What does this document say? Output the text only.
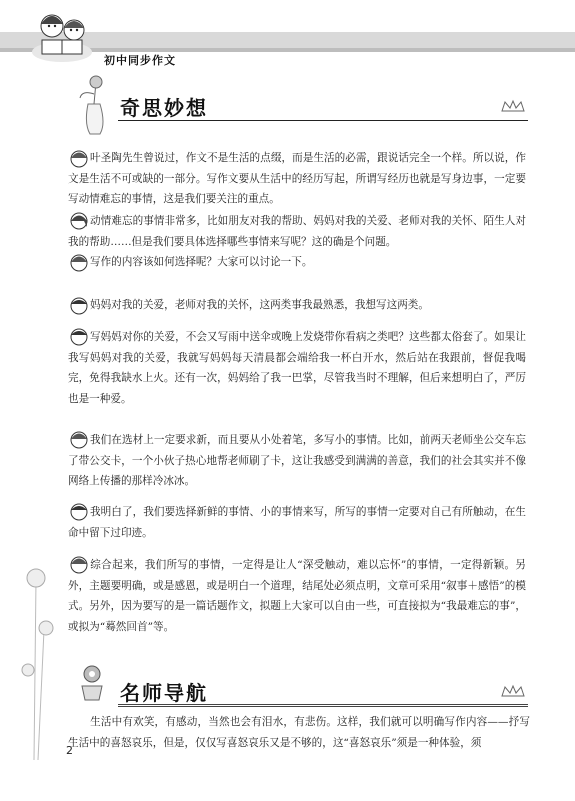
初中同步作文
奇思妙想
叶圣陶先生曾说过，作文不是生活的点缀，而是生活的必需，跟说话完全一个样。所以说，作文是生活不可或缺的一部分。写作文要从生活中的经历写起，所谓写经历也就是写身边事，一定要写动情难忘的事情，这是我们要关注的重点。
动情难忘的事情非常多，比如朋友对我的帮助、妈妈对我的关爱、老师对我的关怀、陌生人对我的帮助……但是我们要具体选择哪些事情来写呢？这的确是个问题。
写作的内容该如何选择呢？大家可以讨论一下。
妈妈对我的关爱，老师对我的关怀，这两类事我最熟悉，我想写这两类。
写妈妈对你的关爱，不会又写雨中送伞或晚上发烧带你看病之类吧？这些都太俗套了。如果让我写妈妈对我的关爱，我就写妈妈每天清晨都会端给我一杯白开水，然后站在我跟前，督促我喝完，免得我缺水上火。还有一次，妈妈给了我一巴掌，尽管我当时不理解，但后来想明白了，严厉也是一种爱。
我们在选材上一定要求新，而且要从小处着笔，多写小的事情。比如，前两天老师坐公交车忘了带公交卡，一个小伙子热心地帮老师刷了卡，这让我感受到满满的善意，我们的社会其实并不像网络上传播的那样冷冰冰。
我明白了，我们要选择新鲜的事情、小的事情来写，所写的事情一定要对自己有所触动，在生命中留下过印迹。
综合起来，我们所写的事情，一定得是让人“深受触动，难以忘怀”的事情，一定得新颖。另外，主题要明确，或是感恩，或是明白一个道理，结尾处必须点明，文章可采用“叙事＋感悟”的模式。另外，因为要写的是一篇话题作文，拟题上大家可以自由一些，可直接拟为“我最难忘的事”，或拟为“蓦然回首”等。
名师导航
生活中有欢笑，有感动，当然也会有泪水，有悲伤。这样，我们就可以明确写作内容——抒写生活中的喜怒哀乐，但是，仅仅写喜怒哀乐又是不够的，这“喜怒哀乐”须是一种体验，须
2
